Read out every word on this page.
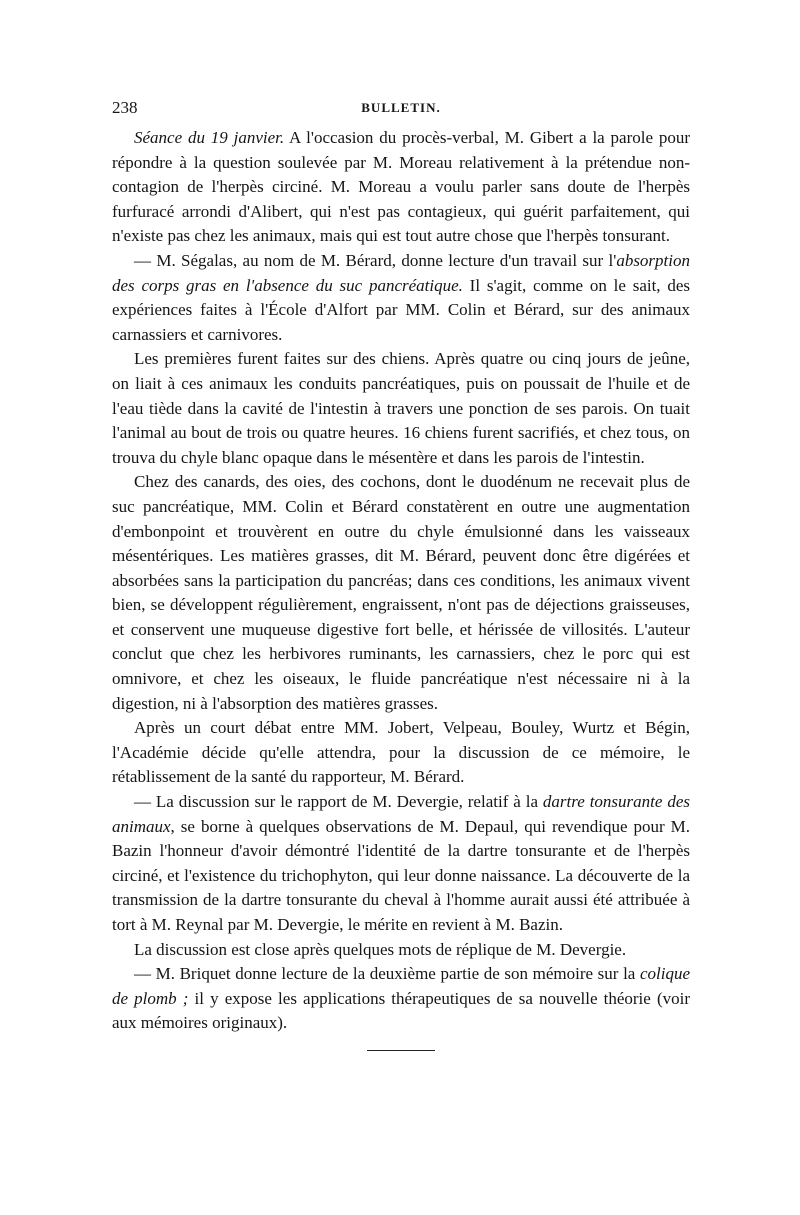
238	BULLETIN.

Séance du 19 janvier. A l'occasion du procès-verbal, M. Gibert a la parole pour répondre à la question soulevée par M. Moreau relativement à la prétendue non-contagion de l'herpès circiné. M. Moreau a voulu parler sans doute de l'herpès furfuracé arrondi d'Alibert, qui n'est pas contagieux, qui guérit parfaitement, qui n'existe pas chez les animaux, mais qui est tout autre chose que l'herpès tonsurant.

— M. Ségalas, au nom de M. Bérard, donne lecture d'un travail sur l'absorption des corps gras en l'absence du suc pancréatique. Il s'agit, comme on le sait, des expériences faites à l'École d'Alfort par MM. Colin et Bérard, sur des animaux carnassiers et carnivores.

Les premières furent faites sur des chiens. Après quatre ou cinq jours de jeûne, on liait à ces animaux les conduits pancréatiques, puis on poussait de l'huile et de l'eau tiède dans la cavité de l'intestin à travers une ponction de ses parois. On tuait l'animal au bout de trois ou quatre heures. 16 chiens furent sacrifiés, et chez tous, on trouva du chyle blanc opaque dans le mésentère et dans les parois de l'intestin.

Chez des canards, des oies, des cochons, dont le duodénum ne recevait plus de suc pancréatique, MM. Colin et Bérard constatèrent en outre une augmentation d'embonpoint et trouvèrent en outre du chyle émulsionné dans les vaisseaux mésentériques. Les matières grasses, dit M. Bérard, peuvent donc être digérées et absorbées sans la participation du pancréas; dans ces conditions, les animaux vivent bien, se développent régulièrement, engraissent, n'ont pas de déjections graisseuses, et conservent une muqueuse digestive fort belle, et hérissée de villosités. L'auteur conclut que chez les herbivores ruminants, les carnassiers, chez le porc qui est omnivore, et chez les oiseaux, le fluide pancréatique n'est nécessaire ni à la digestion, ni à l'absorption des matières grasses.

Après un court débat entre MM. Jobert, Velpeau, Bouley, Wurtz et Bégin, l'Académie décide qu'elle attendra, pour la discussion de ce mémoire, le rétablissement de la santé du rapporteur, M. Bérard.

— La discussion sur le rapport de M. Devergie, relatif à la dartre tonsurante des animaux, se borne à quelques observations de M. Depaul, qui revendique pour M. Bazin l'honneur d'avoir démontré l'identité de la dartre tonsurante et de l'herpès circiné, et l'existence du trichophyton, qui leur donne naissance. La découverte de la transmission de la dartre tonsurante du cheval à l'homme aurait aussi été attribuée à tort à M. Reynal par M. Devergie, le mérite en revient à M. Bazin.

La discussion est close après quelques mots de réplique de M. Devergie.

— M. Briquet donne lecture de la deuxième partie de son mémoire sur la colique de plomb ; il y expose les applications thérapeutiques de sa nouvelle théorie (voir aux mémoires originaux).
